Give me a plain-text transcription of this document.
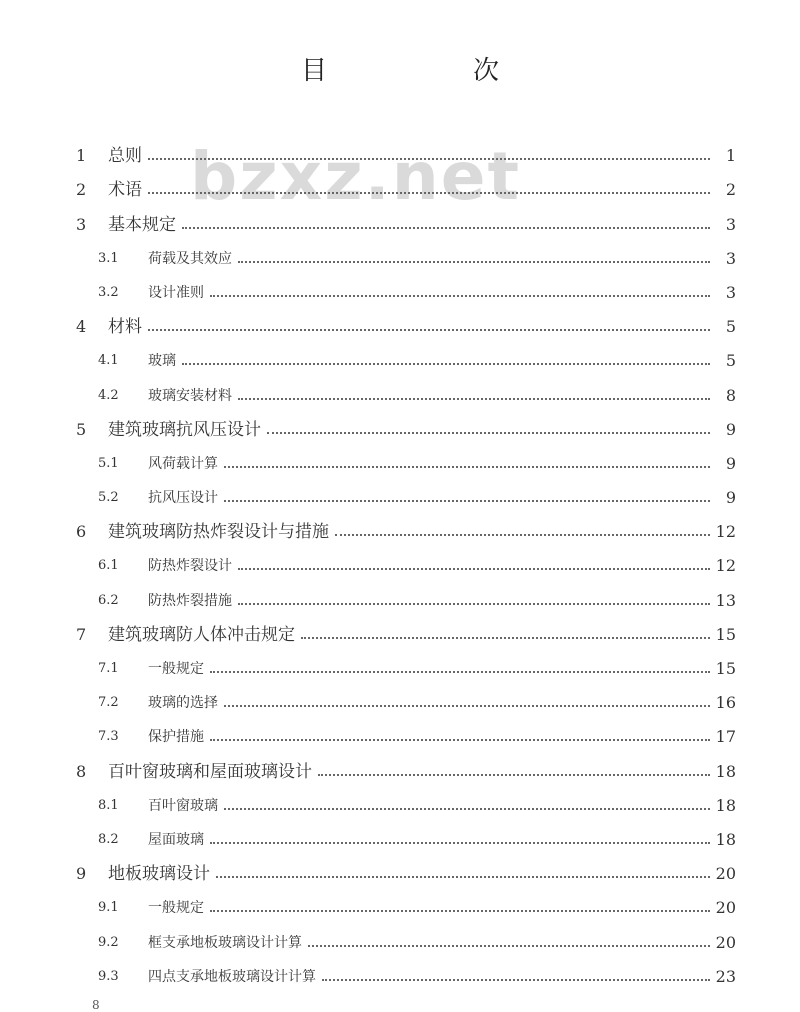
目　次
bzxz.net
1	总则	1
2	术语	2
3	基本规定	3
3.1	荷载及其效应	3
3.2	设计准则	3
4	材料	5
4.1	玻璃	5
4.2	玻璃安装材料	8
5	建筑玻璃抗风压设计	9
5.1	风荷载计算	9
5.2	抗风压设计	9
6	建筑玻璃防热炸裂设计与措施	12
6.1	防热炸裂设计	12
6.2	防热炸裂措施	13
7	建筑玻璃防人体冲击规定	15
7.1	一般规定	15
7.2	玻璃的选择	16
7.3	保护措施	17
8	百叶窗玻璃和屋面玻璃设计	18
8.1	百叶窗玻璃	18
8.2	屋面玻璃	18
9	地板玻璃设计	20
9.1	一般规定	20
9.2	框支承地板玻璃设计计算	20
9.3	四点支承地板玻璃设计计算	23
8
